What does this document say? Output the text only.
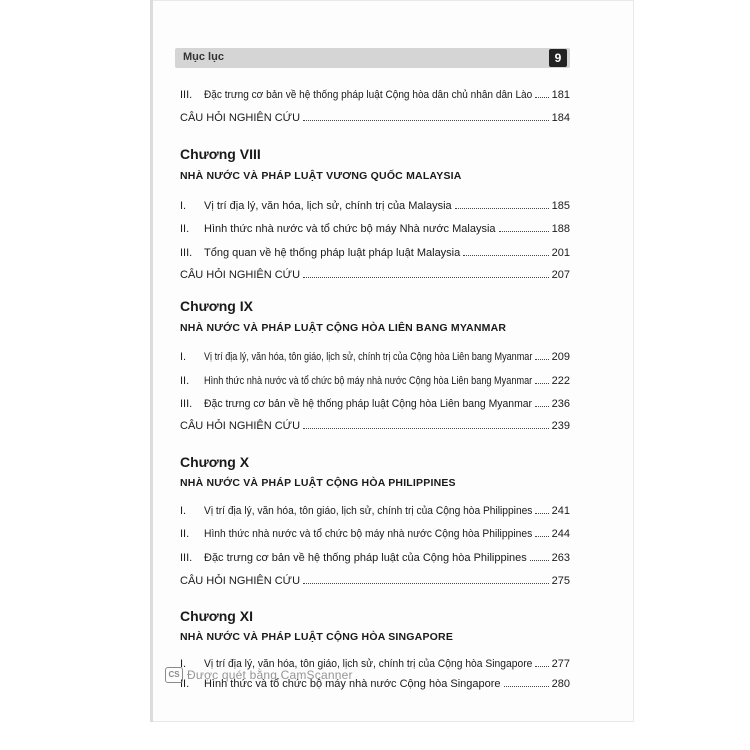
Mục lục	9
III.	Đặc trưng cơ bản về hệ thống pháp luật Cộng hòa dân chủ nhân dân Lào 181
CÂU HỎI NGHIÊN CỨU	184
Chương VIII
NHÀ NƯỚC VÀ PHÁP LUẬT VƯƠNG QUỐC MALAYSIA
I.	Vị trí địa lý, văn hóa, lịch sử, chính trị của Malaysia	185
II.	Hình thức nhà nước và tổ chức bộ máy Nhà nước Malaysia	188
III.	Tổng quan về hệ thống pháp luật pháp luật Malaysia	201
CÂU HỎI NGHIÊN CỨU	207
Chương IX
NHÀ NƯỚC VÀ PHÁP LUẬT CỘNG HÒA LIÊN BANG MYANMAR
I.	Vị trí địa lý, văn hóa, tôn giáo, lịch sử, chính trị của Cộng hòa Liên bang Myanmar 209
II.	Hình thức nhà nước và tổ chức bộ máy nhà nước Cộng hòa Liên bang Myanmar 222
III.	Đặc trưng cơ bản về hệ thống pháp luật Cộng hòa Liên bang Myanmar 236
CÂU HỎI NGHIÊN CỨU	239
Chương X
NHÀ NƯỚC VÀ PHÁP LUẬT CỘNG HÒA PHILIPPINES
I.	Vị trí địa lý, văn hóa, tôn giáo, lịch sử, chính trị của Cộng hòa Philippines 241
II.	Hình thức nhà nước và tổ chức bộ máy nhà nước Cộng hòa Philippines 244
III.	Đặc trưng cơ bản về hệ thống pháp luật của Cộng hòa Philippines 263
CÂU HỎI NGHIÊN CỨU	275
Chương XI
NHÀ NƯỚC VÀ PHÁP LUẬT CỘNG HÒA SINGAPORE
I.	Vị trí địa lý, văn hóa, tôn giáo, lịch sử, chính trị của Cộng hòa Singapore 277
II.	Hình thức và tổ chức bộ máy nhà nước Cộng hòa Singapore	280
CS Được quét bằng CamScanner
